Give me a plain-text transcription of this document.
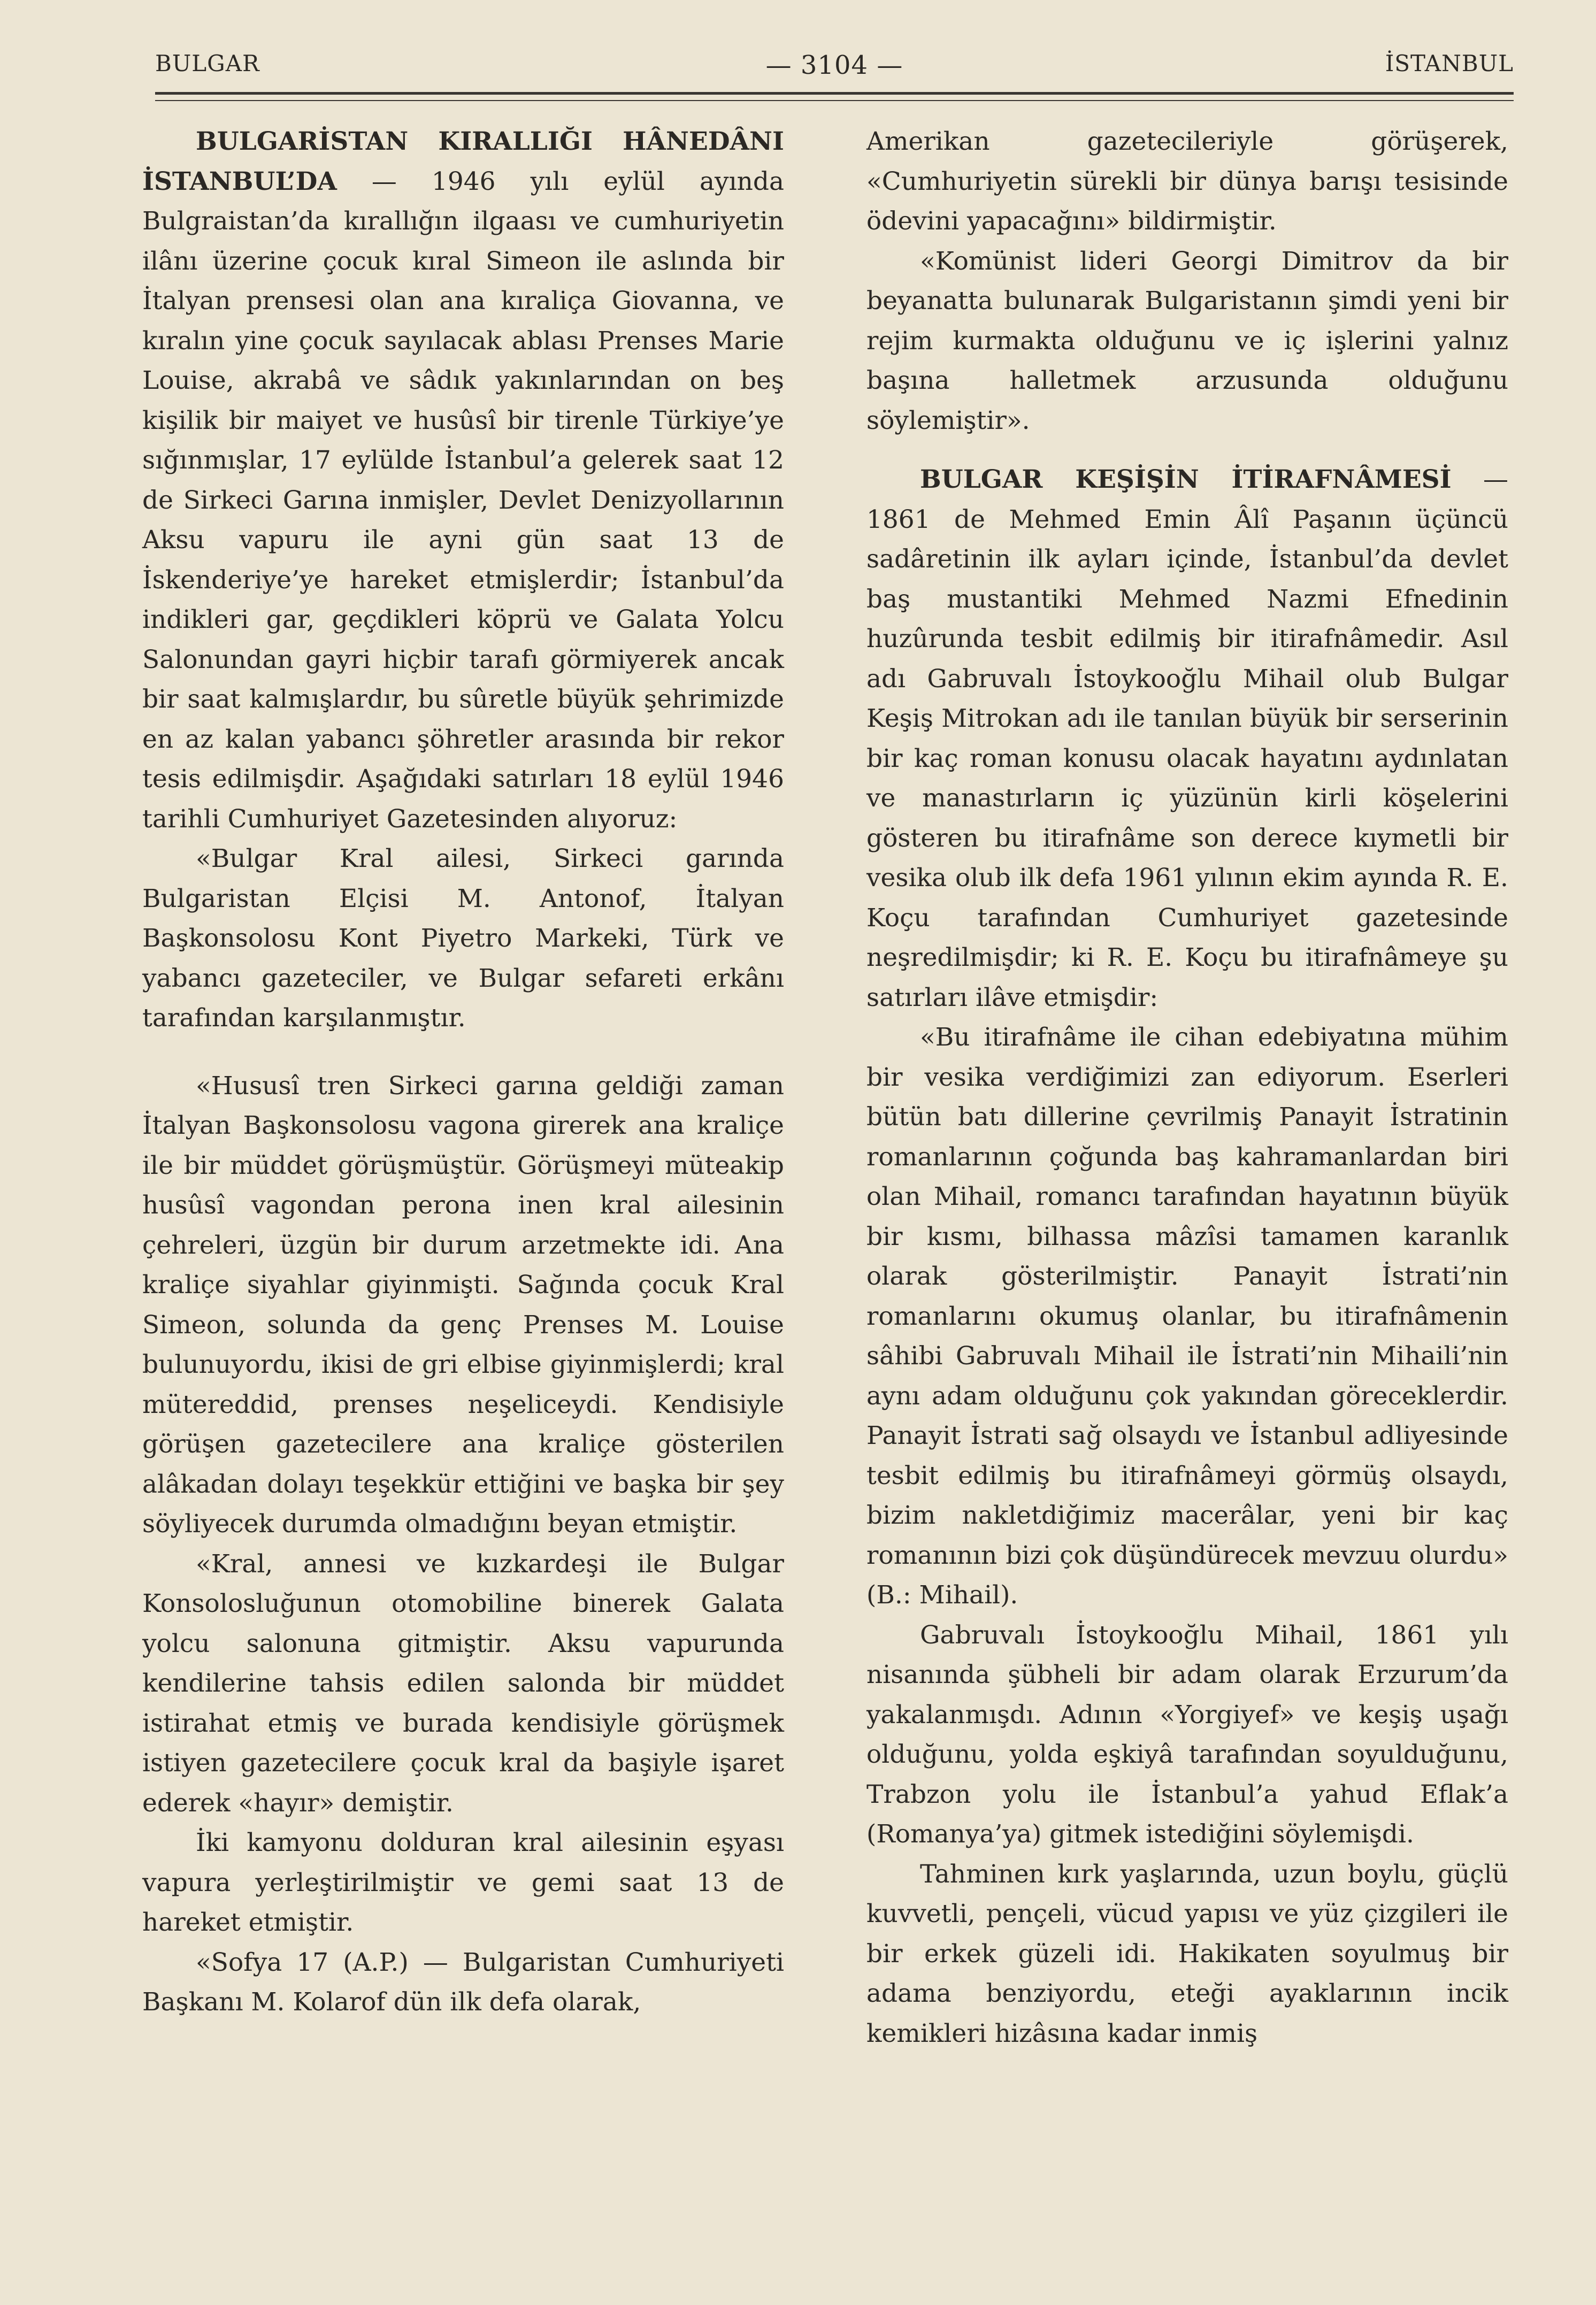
BULGAR	— 3104 —	İSTANBUL

BULGARİSTAN KIRALLIĞI HÂNEDÂNI İSTANBUL’DA — 1946 yılı eylül ayında Bulgraistan’da kırallığın ilgaası ve cumhuriyetin ilânı üzerine çocuk kıral Simeon ile aslında bir İtalyan prensesi olan ana kıraliça Giovanna, ve kıralın yine çocuk sayılacak ablası Prenses Marie Louise, akrabâ ve sâdık yakınlarından on beş kişilik bir maiyet ve husûsî bir tirenle Türkiye’ye sığınmışlar, 17 eylülde İstanbul’a gelerek saat 12 de Sirkeci Garına inmişler, Devlet Denizyollarının Aksu vapuru ile ayni gün saat 13 de İskenderiye’ye hareket etmişlerdir; İstanbul’da indikleri gar, geçdikleri köprü ve Galata Yolcu Salonundan gayri hiçbir tarafı görmiyerek ancak bir saat kalmışlardır, bu sûretle büyük şehrimizde en az kalan yabancı şöhretler arasında bir rekor tesis edilmişdir. Aşağıdaki satırları 18 eylül 1946 tarihli Cumhuriyet Gazetesinden alıyoruz:

«Bulgar Kral ailesi, Sirkeci garında Bulgaristan Elçisi M. Antonof, İtalyan Başkonsolosu Kont Piyetro Markeki, Türk ve yabancı gazeteciler, ve Bulgar sefareti erkânı tarafından karşılanmıştır.

«Hususî tren Sirkeci garına geldiği zaman İtalyan Başkonsolosu vagona girerek ana kraliçe ile bir müddet görüşmüştür. Görüşmeyi müteakip husûsî vagondan perona inen kral ailesinin çehreleri, üzgün bir durum arzetmekte idi. Ana kraliçe siyahlar giyinmişti. Sağında çocuk Kral Simeon, solunda da genç Prenses M. Louise bulunuyordu, ikisi de gri elbise giyinmişlerdi; kral mütereddid, prenses neşeliceydi. Kendisiyle görüşen gazetecilere ana kraliçe gösterilen alâkadan dolayı teşekkür ettiğini ve başka bir şey söyliyecek durumda olmadığını beyan etmiştir.

«Kral, annesi ve kızkardeşi ile Bulgar Konsolosluğunun otomobiline binerek Galata yolcu salonuna gitmiştir. Aksu vapurunda kendilerine tahsis edilen salonda bir müddet istirahat etmiş ve burada kendisiyle görüşmek istiyen gazetecilere çocuk kral da başiyle işaret ederek «hayır» demiştir.

İki kamyonu dolduran kral ailesinin eşyası vapura yerleştirilmiştir ve gemi saat 13 de hareket etmiştir.

«Sofya 17 (A.P.) — Bulgaristan Cumhuriyeti Başkanı M. Kolarof dün ilk defa olarak,

Amerikan gazetecileriyle görüşerek, «Cumhuriyetin sürekli bir dünya barışı tesisinde ödevini yapacağını» bildirmiştir.

«Komünist lideri Georgi Dimitrov da bir beyanatta bulunarak Bulgaristanın şimdi yeni bir rejim kurmakta olduğunu ve iç işlerini yalnız başına halletmek arzusunda olduğunu söylemiştir».

BULGAR KEŞİŞİN İTİRAFNÂMESİ — 1861 de Mehmed Emin Âlî Paşanın üçüncü sadâretinin ilk ayları içinde, İstanbul’da devlet baş mustantiki Mehmed Nazmi Efnedinin huzûrunda tesbit edilmiş bir itirafnâmedir. Asıl adı Gabruvalı İstoykooğlu Mihail olub Bulgar Keşiş Mitrokan adı ile tanılan büyük bir serserinin bir kaç roman konusu olacak hayatını aydınlatan ve manastırların iç yüzünün kirli köşelerini gösteren bu itirafnâme son derece kıymetli bir vesika olub ilk defa 1961 yılının ekim ayında R. E. Koçu tarafından Cumhuriyet gazetesinde neşredilmişdir; ki R. E. Koçu bu itirafnâmeye şu satırları ilâve etmişdir:

«Bu itirafnâme ile cihan edebiyatına mühim bir vesika verdiğimizi zan ediyorum. Eserleri bütün batı dillerine çevrilmiş Panayit İstratinin romanlarının çoğunda baş kahramanlardan biri olan Mihail, romancı tarafından hayatının büyük bir kısmı, bilhassa mâzîsi tamamen karanlık olarak gösterilmiştir. Panayit İstrati’nin romanlarını okumuş olanlar, bu itirafnâmenin sâhibi Gabruvalı Mihail ile İstrati’nin Mihaili’nin aynı adam olduğunu çok yakından göreceklerdir. Panayit İstrati sağ olsaydı ve İstanbul adliyesinde tesbit edilmiş bu itirafnâmeyi görmüş olsaydı, bizim nakletdiğimiz macerâlar, yeni bir kaç romanının bizi çok düşündürecek mevzuu olurdu» (B.: Mihail).

Gabruvalı İstoykooğlu Mihail, 1861 yılı nisanında şübheli bir adam olarak Erzurum’da yakalanmışdı. Adının «Yorgiyef» ve keşiş uşağı olduğunu, yolda eşkiyâ tarafından soyulduğunu, Trabzon yolu ile İstanbul’a yahud Eflak’a (Romanya’ya) gitmek istediğini söylemişdi.

Tahminen kırk yaşlarında, uzun boylu, güçlü kuvvetli, pençeli, vücud yapısı ve yüz çizgileri ile bir erkek güzeli idi. Hakikaten soyulmuş bir adama benziyordu, eteği ayaklarının incik kemikleri hizâsına kadar inmiş
